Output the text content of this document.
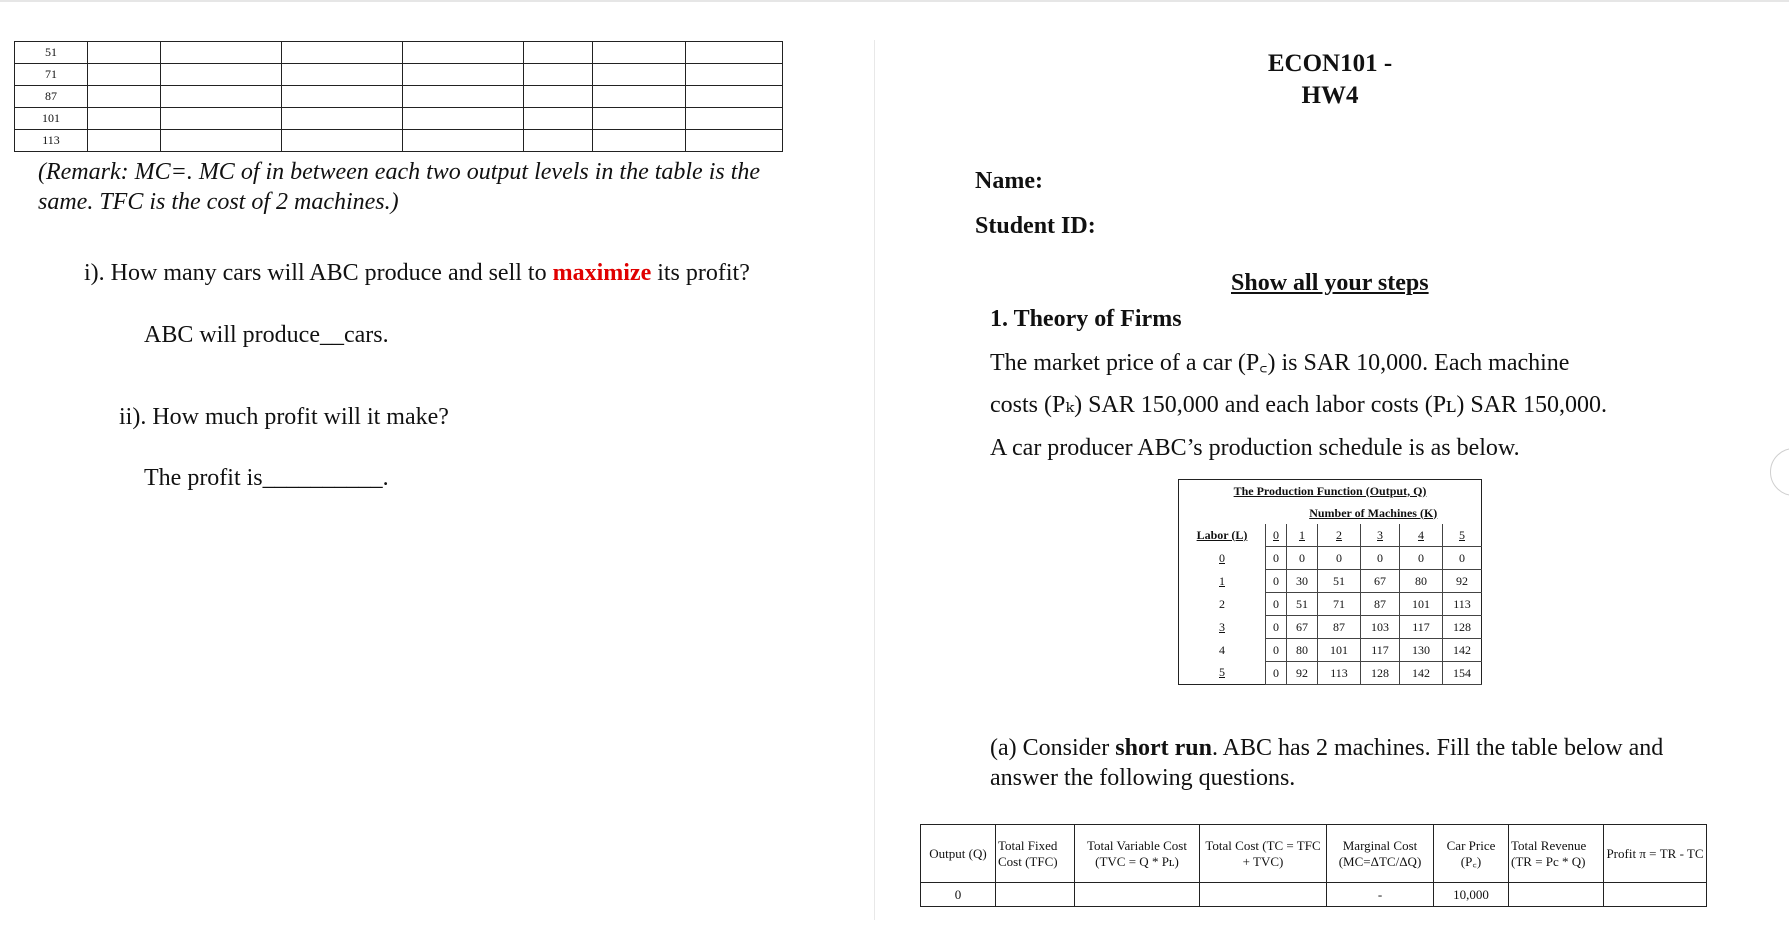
51							
71							
87							
101							
113							
(Remark: MC=. MC of in between each two output levels in the table is the
same. TFC is the cost of 2 machines.)
i). How many cars will ABC produce and sell to maximize its profit?
ABC will produce__cars.
ii). How much profit will it make?
The profit is__________.
ECON101 -
HW4
Name:
Student ID:
Show all your steps
1. Theory of Firms
The market price of a car (P꜀) is SAR 10,000. Each machine
costs (Pₖ) SAR 150,000 and each labor costs (Pʟ) SAR 150,000.
A car producer ABC’s production schedule is as below.
The Production Function (Output, Q)						
	Number of Machines (K)					
Labor (L)	0	1	2	3	4	5
0	0	0	0	0	0	0
1	0	30	51	67	80	92
2	0	51	71	87	101	113
3	0	67	87	103	117	128
4	0	80	101	117	130	142
5	0	92	113	128	142	154
(a) Consider short run. ABC has 2 machines. Fill the table below and
answer the following questions.
Output (Q)	Total Fixed Cost (TFC)	Total Variable Cost (TVC = Q * Pʟ)	Total Cost (TC = TFC + TVC)	Marginal Cost (MC=ΔTC/ΔQ)	Car Price (P꜀)	Total Revenue (TR = Pc * Q)	Profit π = TR - TC
0				-	10,000		
